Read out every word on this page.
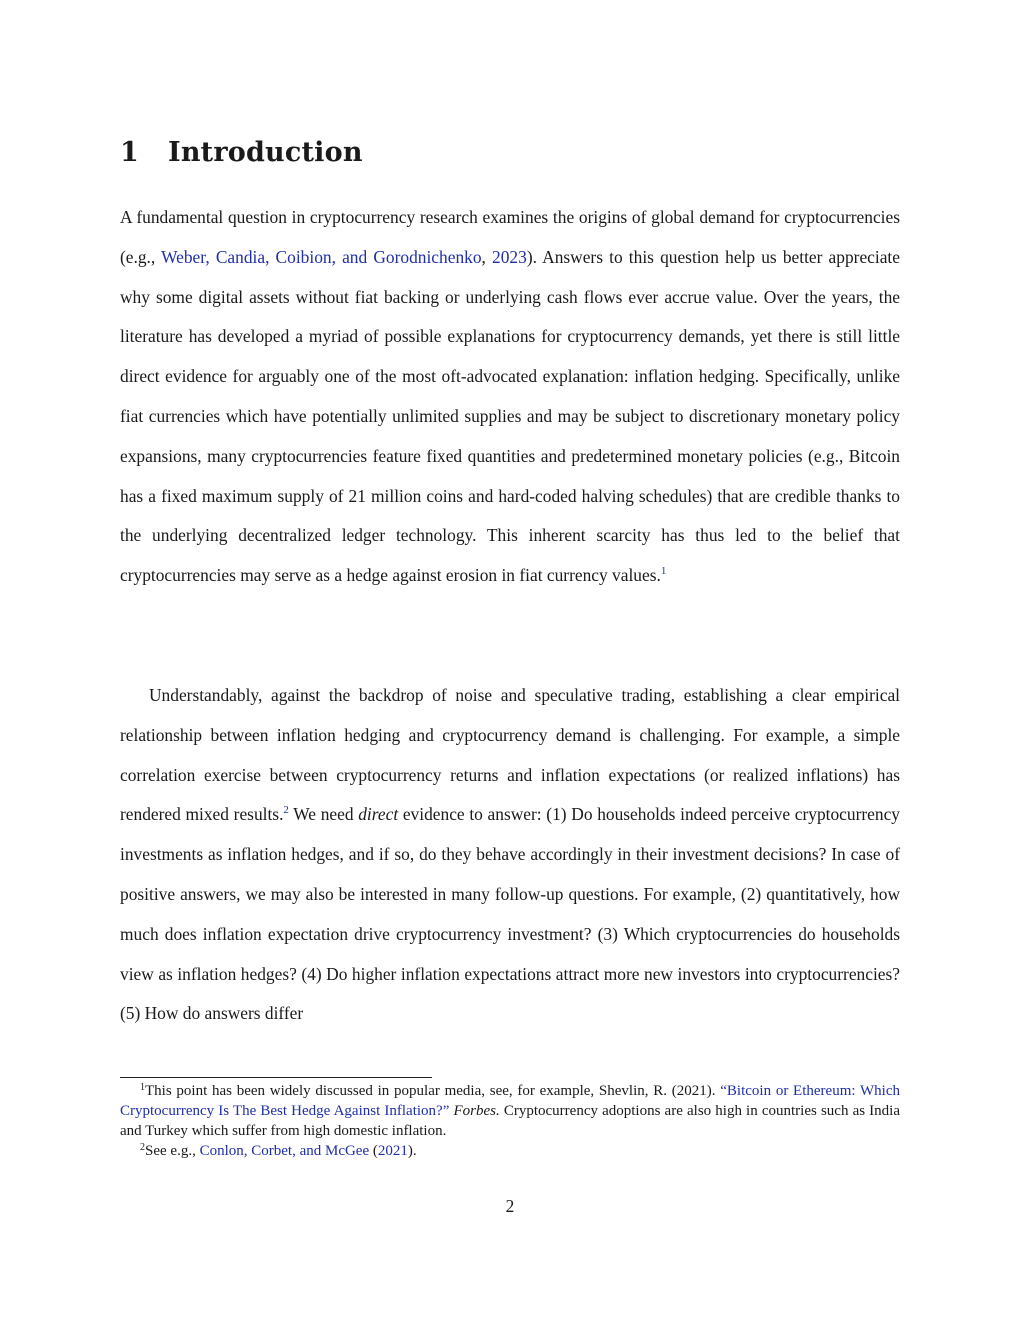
1 Introduction

A fundamental question in cryptocurrency research examines the origins of global demand for cryptocurrencies (e.g., Weber, Candia, Coibion, and Gorodnichenko, 2023). Answers to this question help us better appreciate why some digital assets without fiat backing or underlying cash flows ever accrue value. Over the years, the literature has developed a myriad of possible explanations for cryptocurrency demands, yet there is still little direct evidence for arguably one of the most oft-advocated explanation: inflation hedging. Specifically, unlike fiat currencies which have potentially unlimited supplies and may be subject to discretionary monetary policy expansions, many cryptocurrencies feature fixed quantities and predetermined monetary policies (e.g., Bitcoin has a fixed maximum supply of 21 million coins and hard-coded halving schedules) that are credible thanks to the underlying decentralized ledger technology. This inherent scarcity has thus led to the belief that cryptocurrencies may serve as a hedge against erosion in fiat currency values.$^1$

Understandably, against the backdrop of noise and speculative trading, establishing a clear empirical relationship between inflation hedging and cryptocurrency demand is challenging. For example, a simple correlation exercise between cryptocurrency returns and inflation expectations (or realized inflations) has rendered mixed results.$^2$ We need direct evidence to answer: (1) Do households indeed perceive cryptocurrency investments as inflation hedges, and if so, do they behave accordingly in their investment decisions? In case of positive answers, we may also be interested in many follow-up questions. For example, (2) quantitatively, how much does inflation expectation drive cryptocurrency investment? (3) Which cryptocurrencies do households view as inflation hedges? (4) Do higher inflation expectations attract more new investors into cryptocurrencies? (5) How do answers differ

$^1$This point has been widely discussed in popular media, see, for example, Shevlin, R. (2021). “Bitcoin or Ethereum: Which Cryptocurrency Is The Best Hedge Against Inflation?” Forbes. Cryptocurrency adoptions are also high in countries such as India and Turkey which suffer from high domestic inflation.

$^2$See e.g., Conlon, Corbet, and McGee (2021).

2
